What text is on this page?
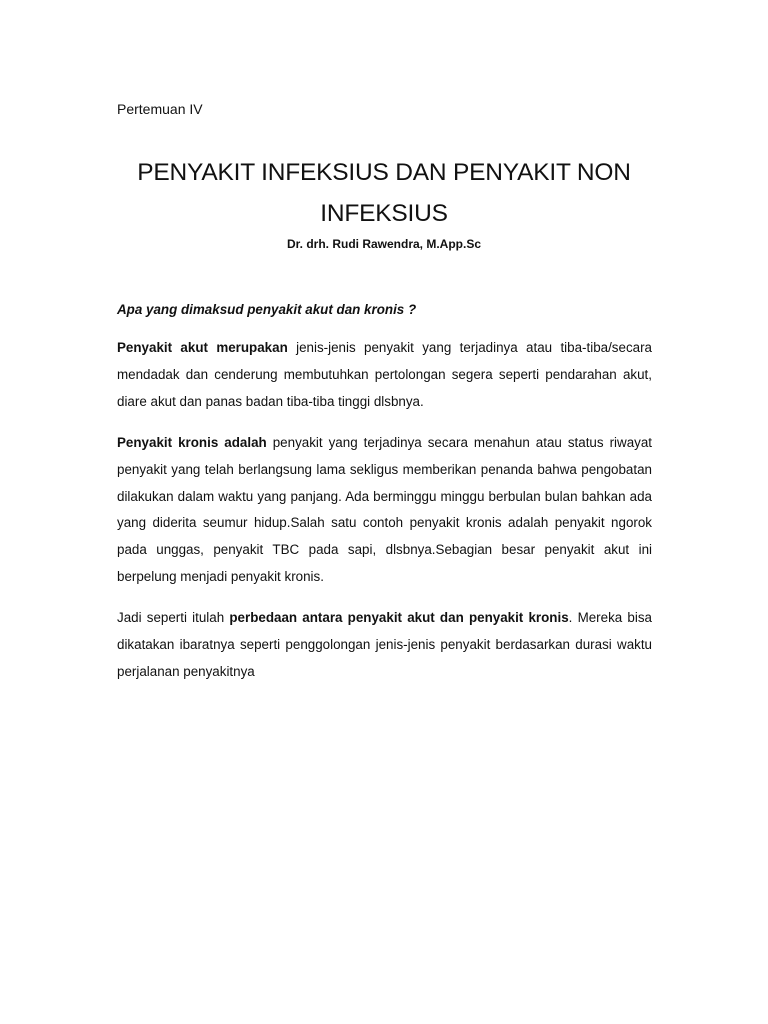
Pertemuan IV
PENYAKIT INFEKSIUS DAN PENYAKIT NON INFEKSIUS
Dr. drh. Rudi Rawendra, M.App.Sc
Apa yang dimaksud penyakit akut dan kronis ?

Penyakit akut merupakan jenis-jenis penyakit yang terjadinya atau tiba-tiba/secara mendadak dan cenderung membutuhkan pertolongan segera seperti pendarahan akut, diare akut dan panas badan tiba-tiba tinggi dlsbnya.

Penyakit kronis adalah penyakit yang terjadinya secara menahun atau status riwayat penyakit yang telah berlangsung lama sekligus memberikan penanda bahwa pengobatan dilakukan dalam waktu yang panjang. Ada berminggu minggu berbulan bulan bahkan ada yang diderita seumur hidup.Salah satu contoh penyakit kronis adalah penyakit ngorok pada unggas, penyakit TBC pada sapi, dlsbnya.Sebagian besar penyakit akut ini berpelung menjadi penyakit kronis.

Jadi seperti itulah perbedaan antara penyakit akut dan penyakit kronis. Mereka bisa dikatakan ibaratnya seperti penggolongan jenis-jenis penyakit berdasarkan durasi waktu perjalanan penyakitnya
